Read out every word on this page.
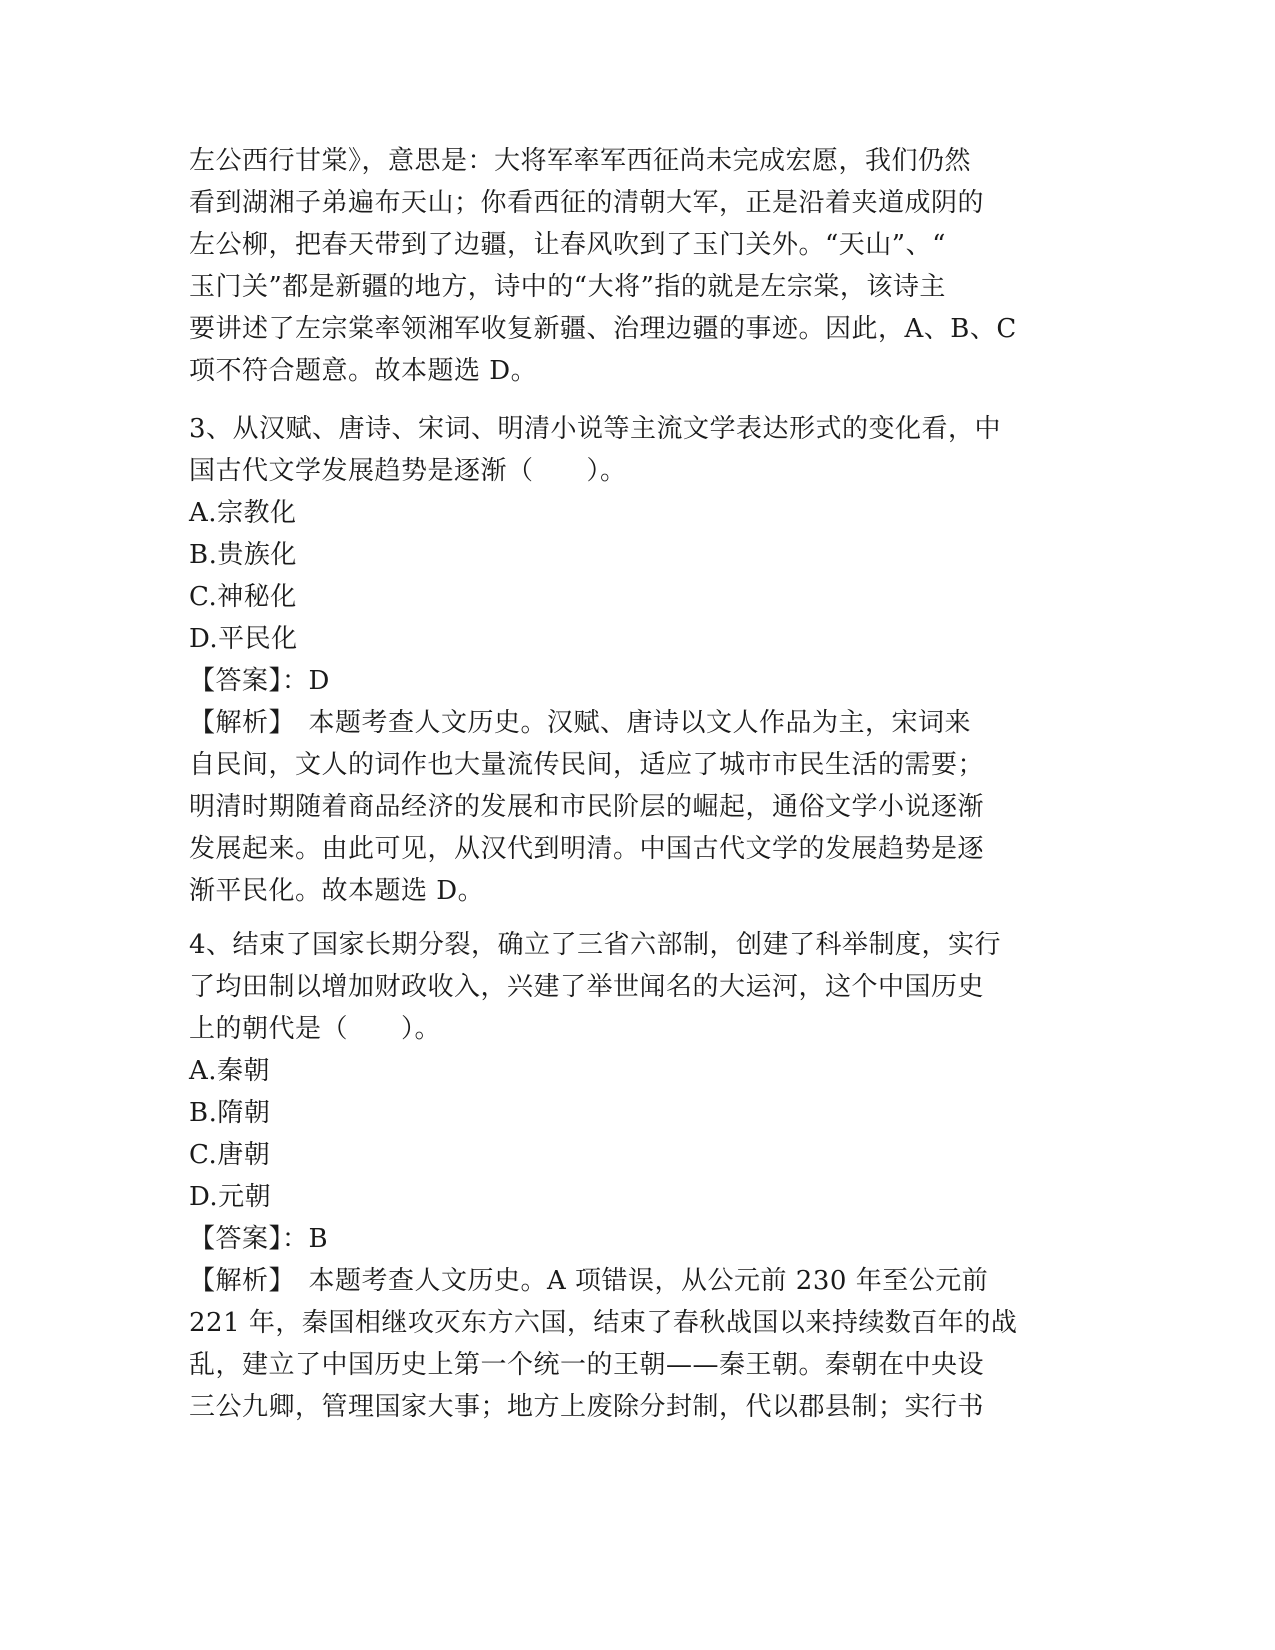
左公西行甘棠》，意思是：大将军率军西征尚未完成宏愿，我们仍然
看到湖湘子弟遍布天山；你看西征的清朝大军，正是沿着夹道成阴的
左公柳，把春天带到了边疆，让春风吹到了玉门关外。“天山”、“
玉门关”都是新疆的地方，诗中的“大将”指的就是左宗棠，该诗主
要讲述了左宗棠率领湘军收复新疆、治理边疆的事迹。因此，A、B、C
项不符合题意。故本题选 D。
3、从汉赋、唐诗、宋词、明清小说等主流文学表达形式的变化看，中
国古代文学发展趋势是逐渐（　　）。
A.宗教化
B.贵族化
C.神秘化
D.平民化
【答案】：D
【解析】　本题考查人文历史。汉赋、唐诗以文人作品为主，宋词来
自民间，文人的词作也大量流传民间，适应了城市市民生活的需要；
明清时期随着商品经济的发展和市民阶层的崛起，通俗文学小说逐渐
发展起来。由此可见，从汉代到明清。中国古代文学的发展趋势是逐
渐平民化。故本题选 D。
4、结束了国家长期分裂，确立了三省六部制，创建了科举制度，实行
了均田制以增加财政收入，兴建了举世闻名的大运河，这个中国历史
上的朝代是（　　）。
A.秦朝
B.隋朝
C.唐朝
D.元朝
【答案】：B
【解析】　本题考查人文历史。A 项错误，从公元前 230 年至公元前
221 年，秦国相继攻灭东方六国，结束了春秋战国以来持续数百年的战
乱，建立了中国历史上第一个统一的王朝——秦王朝。秦朝在中央设
三公九卿，管理国家大事；地方上废除分封制，代以郡县制；实行书
